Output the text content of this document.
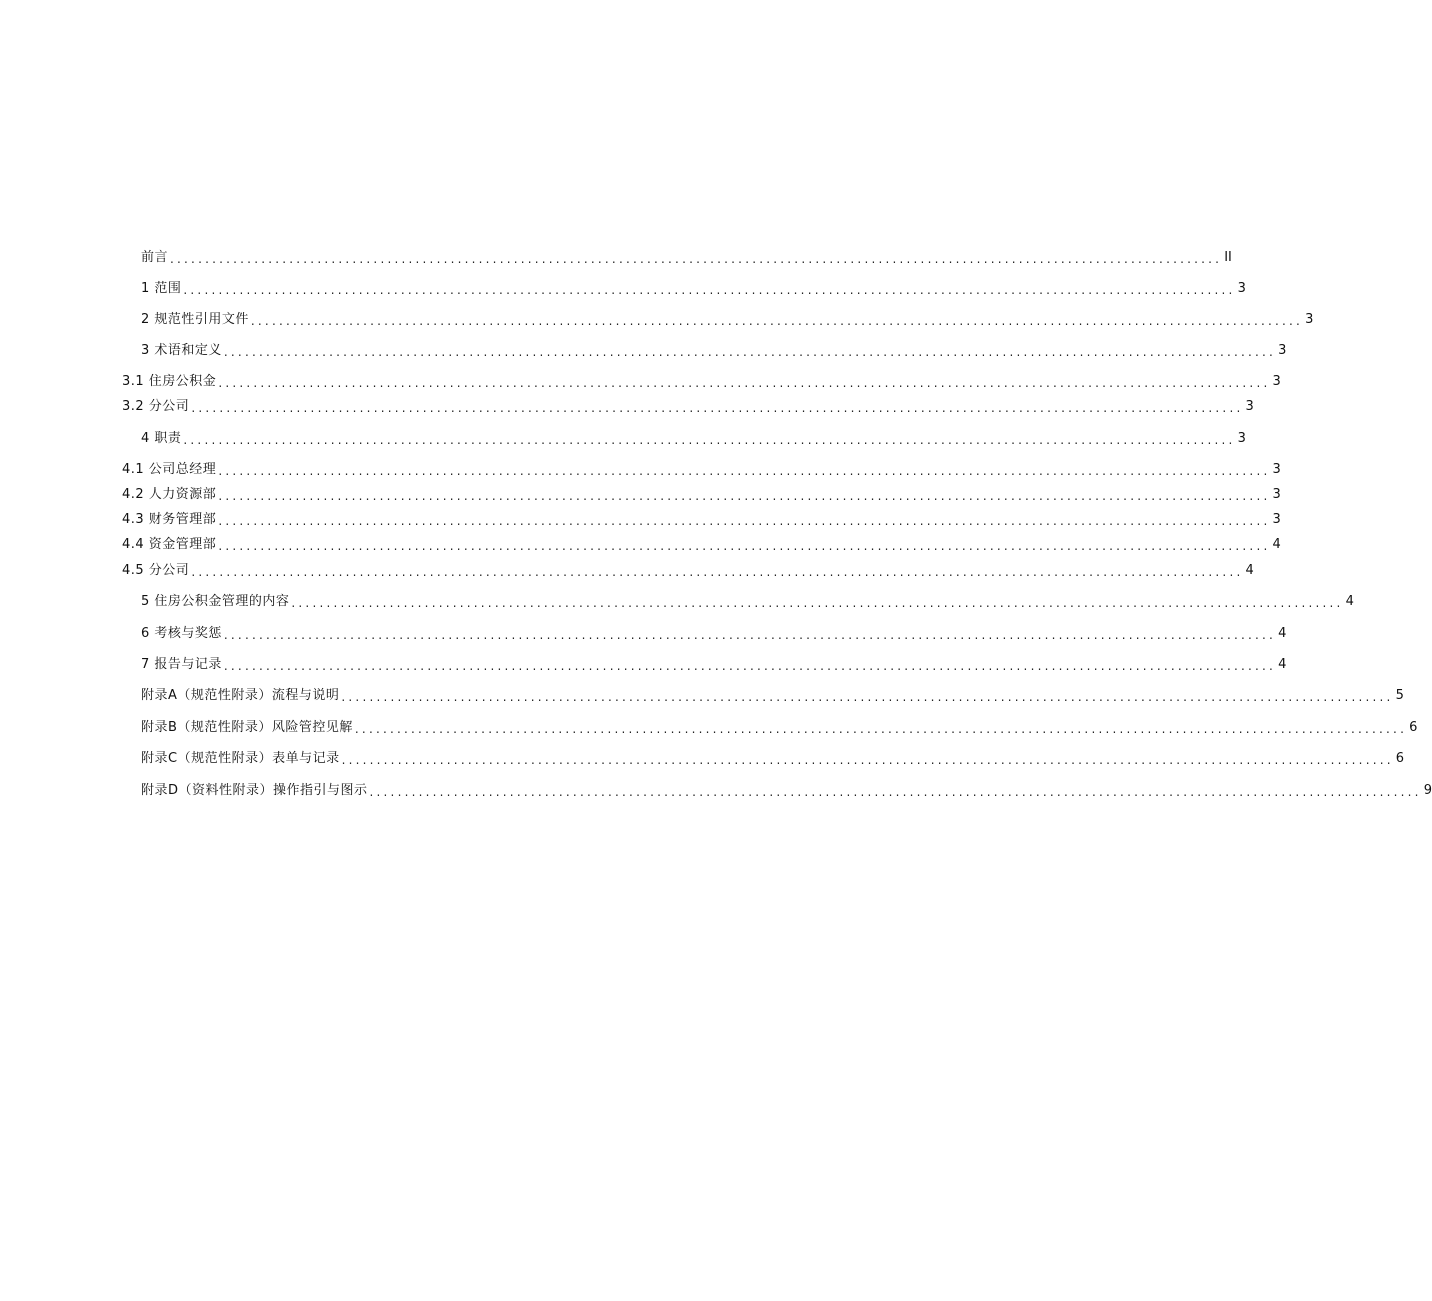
前言 ...................................................................................................................................................... II
1 范围 ...................................................................................................................................................... 3
2 规范性引用文件 ...................................................................................................................................................... 3
3 术语和定义 ...................................................................................................................................................... 3
3.1 住房公积金 ...................................................................................................................................................... 3
3.2 分公司 ...................................................................................................................................................... 3
4 职责 ...................................................................................................................................................... 3
4.1 公司总经理 ...................................................................................................................................................... 3
4.2 人力资源部 ...................................................................................................................................................... 3
4.3 财务管理部 ...................................................................................................................................................... 3
4.4 资金管理部 ...................................................................................................................................................... 4
4.5 分公司 ...................................................................................................................................................... 4
5 住房公积金管理的内容 ...................................................................................................................................................... 4
6 考核与奖惩 ...................................................................................................................................................... 4
7 报告与记录 ...................................................................................................................................................... 4
附录A（规范性附录）流程与说明 ...................................................................................................................................................... 5
附录B（规范性附录）风险管控见解 ...................................................................................................................................................... 6
附录C（规范性附录）表单与记录 ...................................................................................................................................................... 6
附录D（资料性附录）操作指引与图示 ...................................................................................................................................................... 9
